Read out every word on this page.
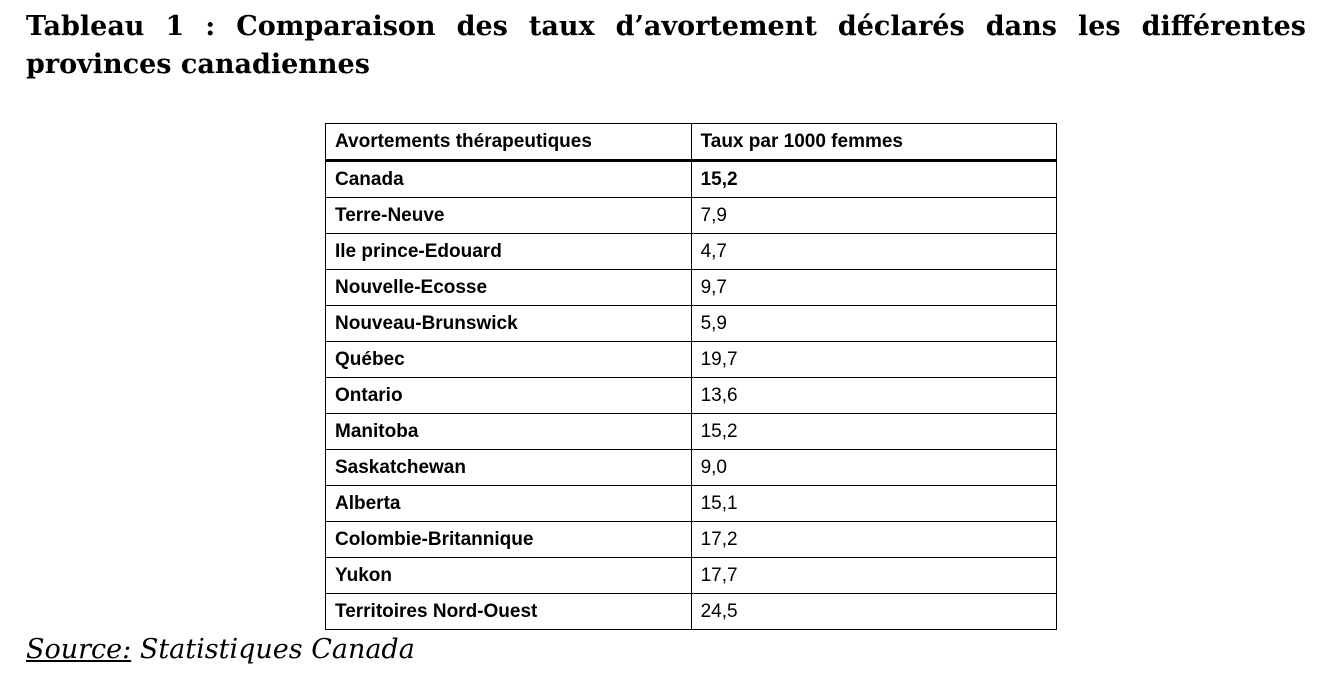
Tableau 1 : Comparaison des taux d’avortement déclarés dans les différentes provinces canadiennes
Avortements thérapeutiques	Taux par 1000 femmes
Canada	15,2
Terre-Neuve	7,9
Ile prince-Edouard	4,7
Nouvelle-Ecosse	9,7
Nouveau-Brunswick	5,9
Québec	19,7
Ontario	13,6
Manitoba	15,2
Saskatchewan	9,0
Alberta	15,1
Colombie-Britannique	17,2
Yukon	17,7
Territoires Nord-Ouest	24,5
Source: Statistiques Canada
